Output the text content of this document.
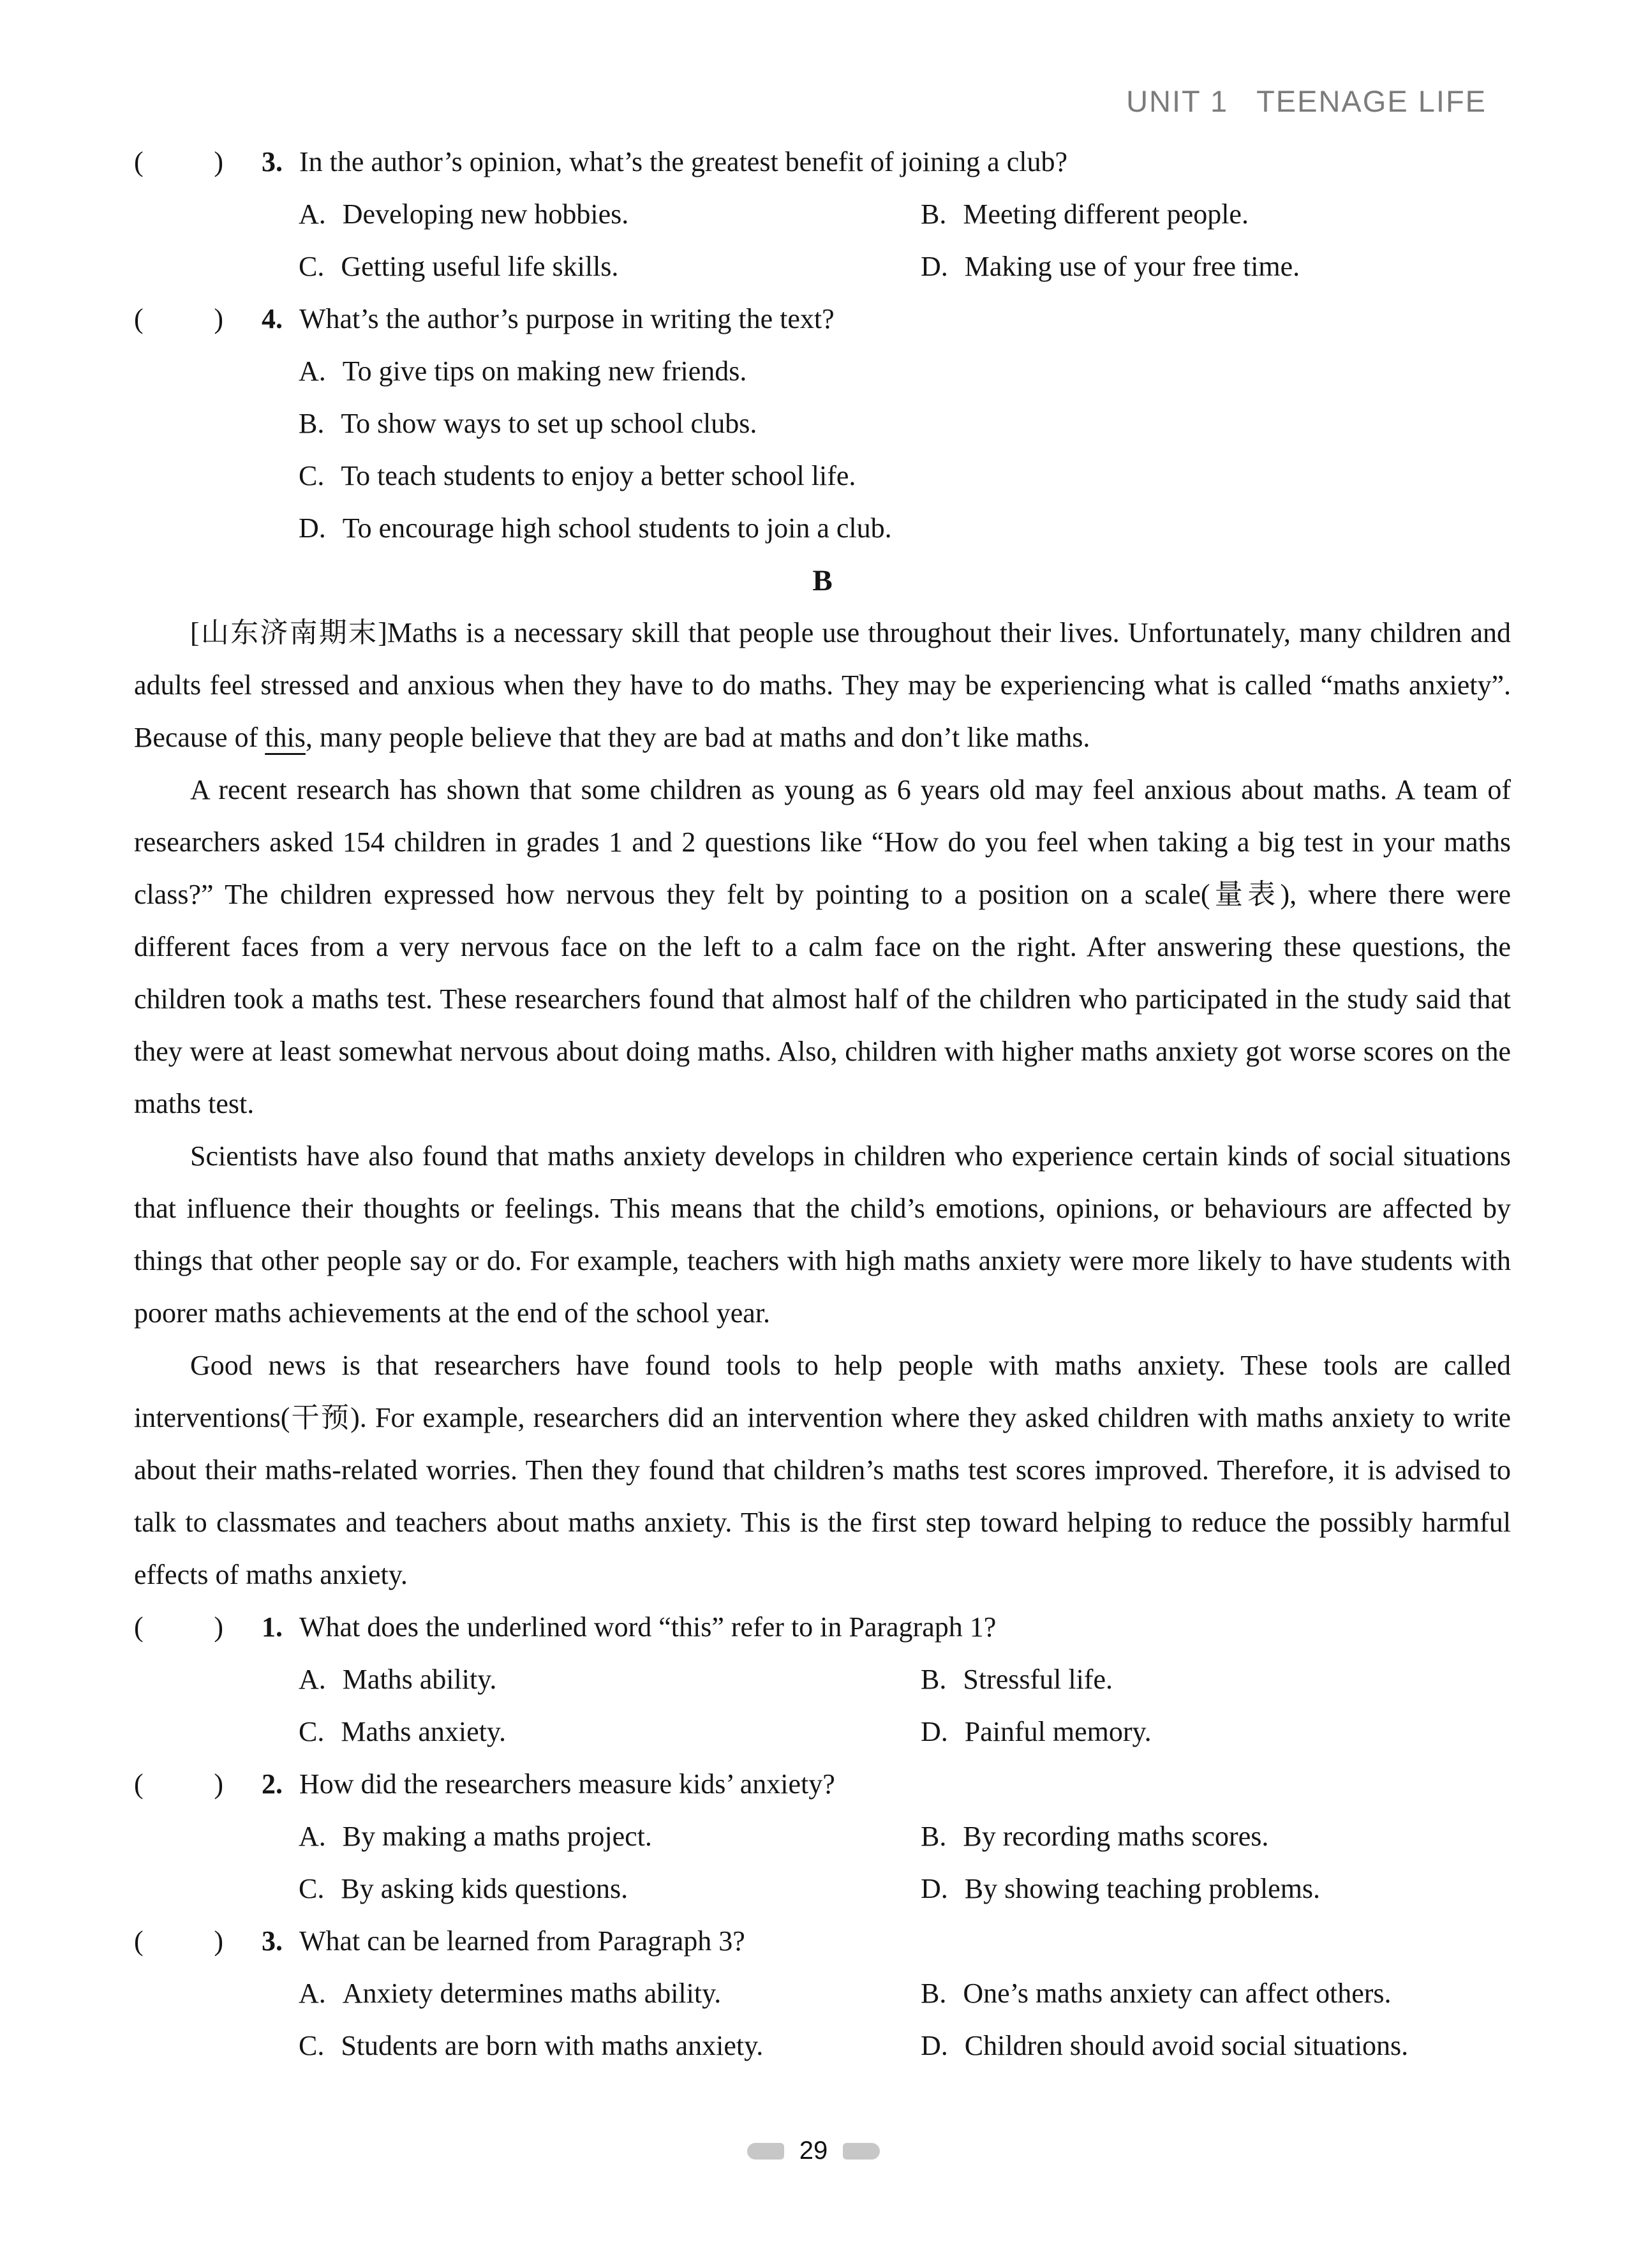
UNIT 1 TEENAGE LIFE
(	) 3. In the author’s opinion, what’s the greatest benefit of joining a club?
A. Developing new hobbies.	B. Meeting different people.
C. Getting useful life skills.	D. Making use of your free time.
(	) 4. What’s the author’s purpose in writing the text?
A. To give tips on making new friends.
B. To show ways to set up school clubs.
C. To teach students to enjoy a better school life.
D. To encourage high school students to join a club.
B

[山东济南期末]Maths is a necessary skill that people use throughout their lives. Unfortunately, many children and adults feel stressed and anxious when they have to do maths. They may be experiencing what is called “maths anxiety”. Because of this, many people believe that they are bad at maths and don’t like maths.

A recent research has shown that some children as young as 6 years old may feel anxious about maths. A team of researchers asked 154 children in grades 1 and 2 questions like “How do you feel when taking a big test in your maths class?” The children expressed how nervous they felt by pointing to a position on a scale(量表), where there were different faces from a very nervous face on the left to a calm face on the right. After answering these questions, the children took a maths test. These researchers found that almost half of the children who participated in the study said that they were at least somewhat nervous about doing maths. Also, children with higher maths anxiety got worse scores on the maths test.

Scientists have also found that maths anxiety develops in children who experience certain kinds of social situations that influence their thoughts or feelings. This means that the child’s emotions, opinions, or behaviours are affected by things that other people say or do. For example, teachers with high maths anxiety were more likely to have students with poorer maths achievements at the end of the school year.

Good news is that researchers have found tools to help people with maths anxiety. These tools are called interventions(干预). For example, researchers did an intervention where they asked children with maths anxiety to write about their maths-related worries. Then they found that children’s maths test scores improved. Therefore, it is advised to talk to classmates and teachers about maths anxiety. This is the first step toward helping to reduce the possibly harmful effects of maths anxiety.

(	) 1. What does the underlined word “this” refer to in Paragraph 1?
A. Maths ability.	B. Stressful life.
C. Maths anxiety.	D. Painful memory.
(	) 2. How did the researchers measure kids’ anxiety?
A. By making a maths project.	B. By recording maths scores.
C. By asking kids questions.	D. By showing teaching problems.
(	) 3. What can be learned from Paragraph 3?
A. Anxiety determines maths ability.	B. One’s maths anxiety can affect others.
C. Students are born with maths anxiety.	D. Children should avoid social situations.
29
